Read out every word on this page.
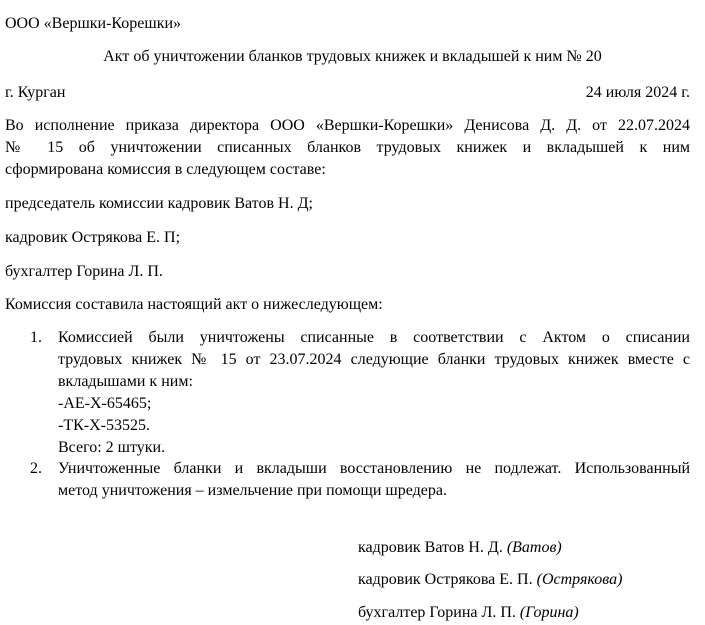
ООО «Вершки-Корешки»
Акт об уничтожении бланков трудовых книжек и вкладышей к ним № 20
г. Курган	24 июля 2024 г.
Во исполнение приказа директора ООО «Вершки-Корешки» Денисова Д. Д. от 22.07.2024
№ 15 об уничтожении списанных бланков трудовых книжек и вкладышей к ним
сформирована комиссия в следующем составе:
председатель комиссии кадровик Ватов Н. Д;
кадровик Острякова Е. П;
бухгалтер Горина Л. П.
Комиссия составила настоящий акт о нижеследующем:
1. Комиссией были уничтожены списанные в соответствии с Актом о списании
трудовых книжек № 15 от 23.07.2024 следующие бланки трудовых книжек вместе с
вкладышами к ним:
-АЕ-Х-65465;
-ТК-Х-53525.
Всего: 2 штуки.
2. Уничтоженные бланки и вкладыши восстановлению не подлежат. Использованный
метод уничтожения – измельчение при помощи шредера.
кадровик Ватов Н. Д. (Ватов)
кадровик Острякова Е. П. (Острякова)
бухгалтер Горина Л. П. (Горина)
